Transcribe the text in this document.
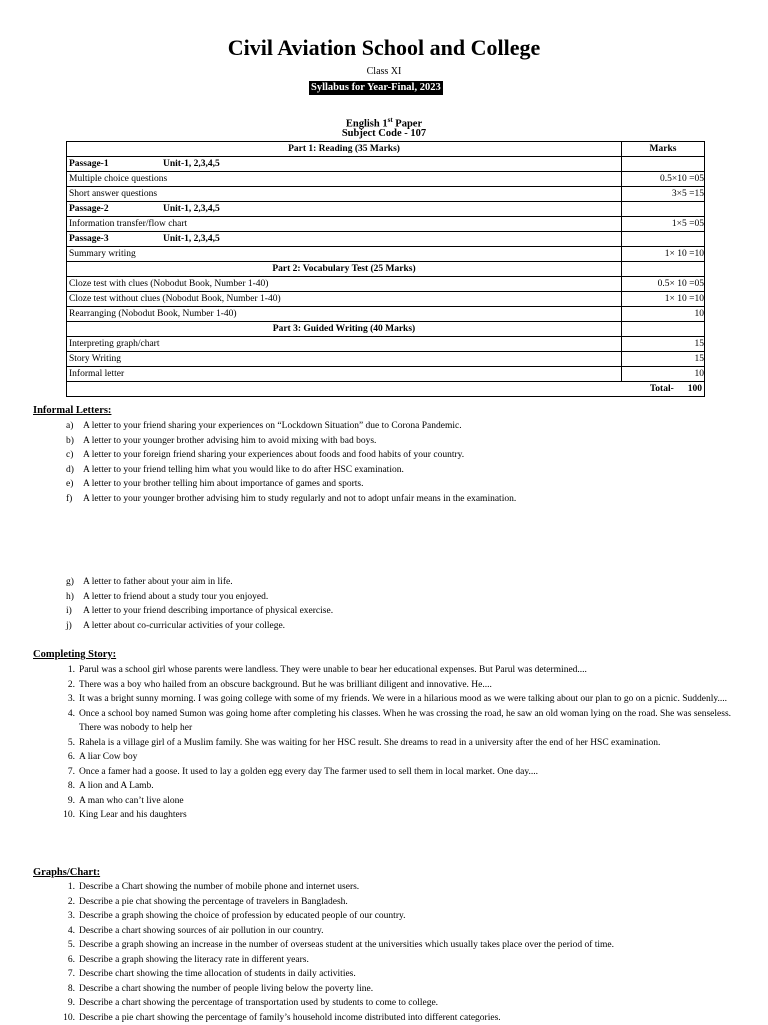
Civil Aviation School and College
Class XI
Syllabus for Year-Final, 2023
English 1st Paper
Subject Code - 107
Part 1: Reading (35 Marks)	Marks
Passage-1 Unit-1, 2,3,4,5	
Multiple choice questions	0.5×10 =05
Short answer questions	3×5 =15
Passage-2 Unit-1, 2,3,4,5	
Information transfer/flow chart	1×5 =05
Passage-3 Unit-1, 2,3,4,5	
Summary writing	1× 10 =10
Part 2: Vocabulary Test (25 Marks)	
Cloze test with clues (Nobodut Book, Number 1-40)	0.5× 10 =05
Cloze test without clues (Nobodut Book, Number 1-40)	1× 10 =10
Rearranging (Nobodut Book, Number 1-40)	10
Part 3: Guided Writing (40 Marks)	
Interpreting graph/chart	15
Story Writing	15
Informal letter	10
Total- 100	
Informal Letters:
a)	A letter to your friend sharing your experiences on “Lockdown Situation” due to Corona Pandemic.
b) A letter to your younger brother advising him to avoid mixing with bad boys.
c)	A letter to your foreign friend sharing your experiences about foods and food habits of your country.
d) A letter to your friend telling him what you would like to do after HSC examination.
e)	A letter to your brother telling him about importance of games and sports.
f)	A letter to your younger brother advising him to study regularly and not to adopt unfair means in the examination.
g) A letter to father about your aim in life.
h) A letter to friend about a study tour you enjoyed.
i)	A letter to your friend describing importance of physical exercise.
j)	A letter about co-curricular activities of your college.
Completing Story:
1. Parul was a school girl whose parents were landless. They were unable to bear her educational expenses. But Parul was determined....
2. There was a boy who hailed from an obscure background. But he was brilliant diligent and innovative. He....
3. It was a bright sunny morning. I was going college with some of my friends. We were in a hilarious mood as we were talking about our plan to go on a picnic. Suddenly....
4. Once a school boy named Sumon was going home after completing his classes. When he was crossing the road, he saw an old woman lying on the road. She was senseless. There was nobody to help her
5. Rahela is a village girl of a Muslim family. She was waiting for her HSC result. She dreams to read in a university after the end of her HSC examination.
6. A liar Cow boy
7. Once a famer had a goose. It used to lay a golden egg every day The farmer used to sell them in local market. One day....
8. A lion and A Lamb.
9. A man who can’t live alone
10. King Lear and his daughters
Graphs/Chart:
1. Describe a Chart showing the number of mobile phone and internet users.
2. Describe a pie chat showing the percentage of travelers in Bangladesh.
3. Describe a graph showing the choice of profession by educated people of our country.
4. Describe a chart showing sources of air pollution in our country.
5. Describe a graph showing an increase in the number of overseas student at the universities which usually takes place over the period of time.
6. Describe a graph showing the literacy rate in different years.
7. Describe chart showing the time allocation of students in daily activities.
8. Describe a chart showing the number of people living below the poverty line.
9. Describe a chart showing the percentage of transportation used by students to come to college.
10. Describe a pie chart showing the percentage of family’s household income distributed into different categories.
